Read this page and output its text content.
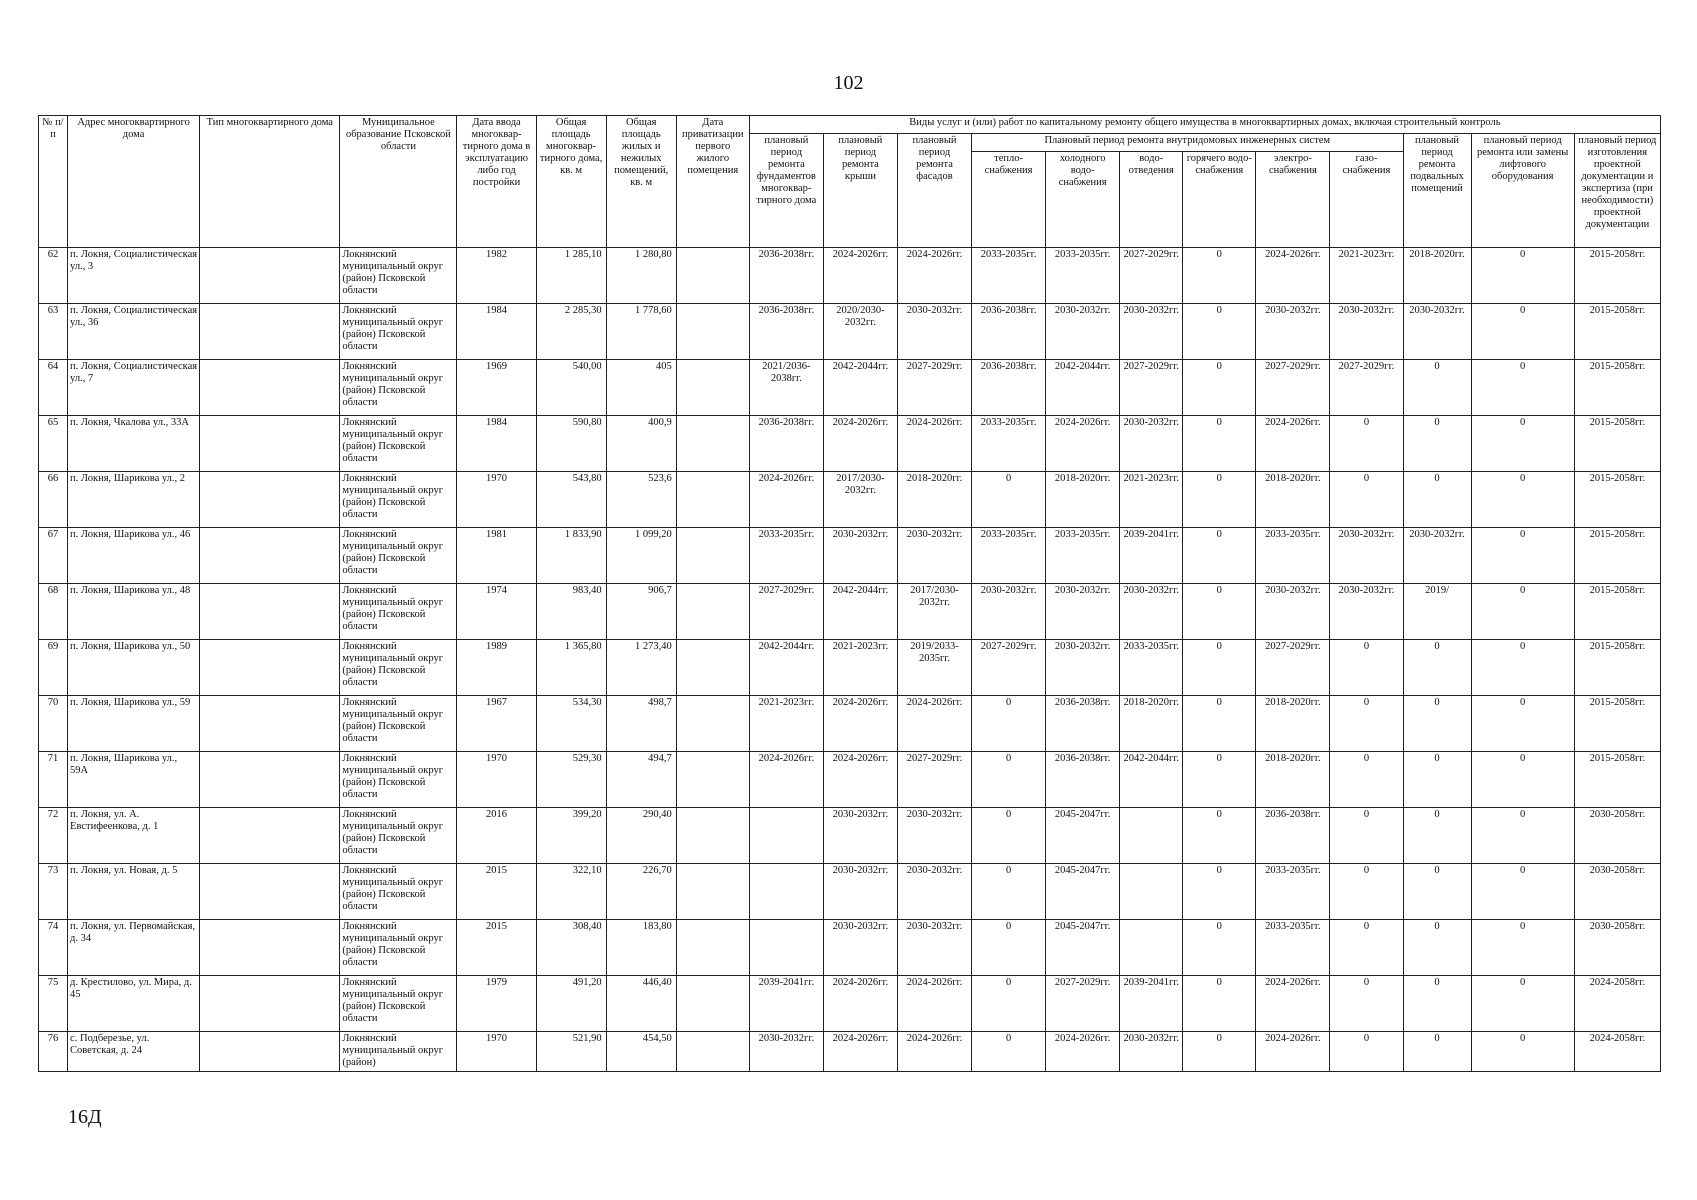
102
№ п/п	Адрес многоквартирного дома	Тип многоквартирного дома	Муниципальное образование Псковской области	Дата ввода многоквар-тирного дома в эксплуатацию либо год постройки	Общая площадь многоквар-тирного дома, кв. м	Общая площадь жилых и нежилых помещений, кв. м	Дата приватизации первого жилого помещения	Виды услуг и (или) работ по капитальному ремонту общего имущества в многоквартирных домах, включая строительный контроль											
								плановый период ремонта фундаментов многоквар-тирного дома	плановый период ремонта крыши	плановый период ремонта фасадов	Плановый период ремонта внутридомовых инженерных систем						плановый период ремонта подвальных помещений	плановый период ремонта или замены лифтового оборудования	плановый период изготовления проектной документации и экспертиза (при необходимости) проектной документации
											тепло-снабжения	холодного водо-снабжения	водо-отведения	горячего водо-снабжения	электро-снабжения	газо-снабжения			
62	п. Локня, Социалистическая ул., 3		Локнянский муниципальный округ (район) Псковской области	1982	1 285,10	1 280,80		2036-2038гг.	2024-2026гг.	2024-2026гг.	2033-2035гг.	2033-2035гг.	2027-2029гг.	0	2024-2026гг.	2021-2023гг.	2018-2020гг.	0	2015-2058гг.
63	п. Локня, Социалистическая ул., 36		Локнянский муниципальный округ (район) Псковской области	1984	2 285,30	1 778,60		2036-2038гг.	2020/2030-2032гг.	2030-2032гг.	2036-2038гг.	2030-2032гг.	2030-2032гг.	0	2030-2032гг.	2030-2032гг.	2030-2032гг.	0	2015-2058гг.
64	п. Локня, Социалистическая ул., 7		Локнянский муниципальный округ (район) Псковской области	1969	540,00	405		2021/2036-2038гг.	2042-2044гг.	2027-2029гг.	2036-2038гг.	2042-2044гг.	2027-2029гг.	0	2027-2029гг.	2027-2029гг.	0	0	2015-2058гг.
65	п. Локня, Чкалова ул., 33А		Локнянский муниципальный округ (район) Псковской области	1984	590,80	400,9		2036-2038гг.	2024-2026гг.	2024-2026гг.	2033-2035гг.	2024-2026гг.	2030-2032гг.	0	2024-2026гг.	0	0	0	2015-2058гг.
66	п. Локня, Шарикова ул., 2		Локнянский муниципальный округ (район) Псковской области	1970	543,80	523,6		2024-2026гг.	2017/2030-2032гг.	2018-2020гг.	0	2018-2020гг.	2021-2023гг.	0	2018-2020гг.	0	0	0	2015-2058гг.
67	п. Локня, Шарикова ул., 46		Локнянский муниципальный округ (район) Псковской области	1981	1 833,90	1 099,20		2033-2035гг.	2030-2032гг.	2030-2032гг.	2033-2035гг.	2033-2035гг.	2039-2041гг.	0	2033-2035гг.	2030-2032гг.	2030-2032гг.	0	2015-2058гг.
68	п. Локня, Шарикова ул., 48		Локнянский муниципальный округ (район) Псковской области	1974	983,40	906,7		2027-2029гг.	2042-2044гг.	2017/2030-2032гг.	2030-2032гг.	2030-2032гг.	2030-2032гг.	0	2030-2032гг.	2030-2032гг.	2019/	0	2015-2058гг.
69	п. Локня, Шарикова ул., 50		Локнянский муниципальный округ (район) Псковской области	1989	1 365,80	1 273,40		2042-2044гг.	2021-2023гг.	2019/2033-2035гг.	2027-2029гг.	2030-2032гг.	2033-2035гг.	0	2027-2029гг.	0	0	0	2015-2058гг.
70	п. Локня, Шарикова ул., 59		Локнянский муниципальный округ (район) Псковской области	1967	534,30	498,7		2021-2023гг.	2024-2026гг.	2024-2026гг.	0	2036-2038гг.	2018-2020гг.	0	2018-2020гг.	0	0	0	2015-2058гг.
71	п. Локня, Шарикова ул., 59А		Локнянский муниципальный округ (район) Псковской области	1970	529,30	494,7		2024-2026гг.	2024-2026гг.	2027-2029гг.	0	2036-2038гг.	2042-2044гг.	0	2018-2020гг.	0	0	0	2015-2058гг.
72	п. Локня, ул. А. Евстифеенкова, д. 1		Локнянский муниципальный округ (район) Псковской области	2016	399,20	290,40			2030-2032гг.	2030-2032гг.	0	2045-2047гг.		0	2036-2038гг.	0	0	0	2030-2058гг.
73	п. Локня, ул. Новая, д. 5		Локнянский муниципальный округ (район) Псковской области	2015	322,10	226,70			2030-2032гг.	2030-2032гг.	0	2045-2047гг.		0	2033-2035гг.	0	0	0	2030-2058гг.
74	п. Локня, ул. Первомайская, д. 34		Локнянский муниципальный округ (район) Псковской области	2015	308,40	183,80			2030-2032гг.	2030-2032гг.	0	2045-2047гг.		0	2033-2035гг.	0	0	0	2030-2058гг.
75	д. Крестилово, ул. Мира, д. 45		Локнянский муниципальный округ (район) Псковской области	1979	491,20	446,40		2039-2041гг.	2024-2026гг.	2024-2026гг.	0	2027-2029гг.	2039-2041гг.	0	2024-2026гг.	0	0	0	2024-2058гг.
76	с. Подберезье, ул. Советская, д. 24		Локнянский муниципальный округ (район)	1970	521,90	454,50		2030-2032гг.	2024-2026гг.	2024-2026гг.	0	2024-2026гг.	2030-2032гг.	0	2024-2026гг.	0	0	0	2024-2058гг.
16Д
